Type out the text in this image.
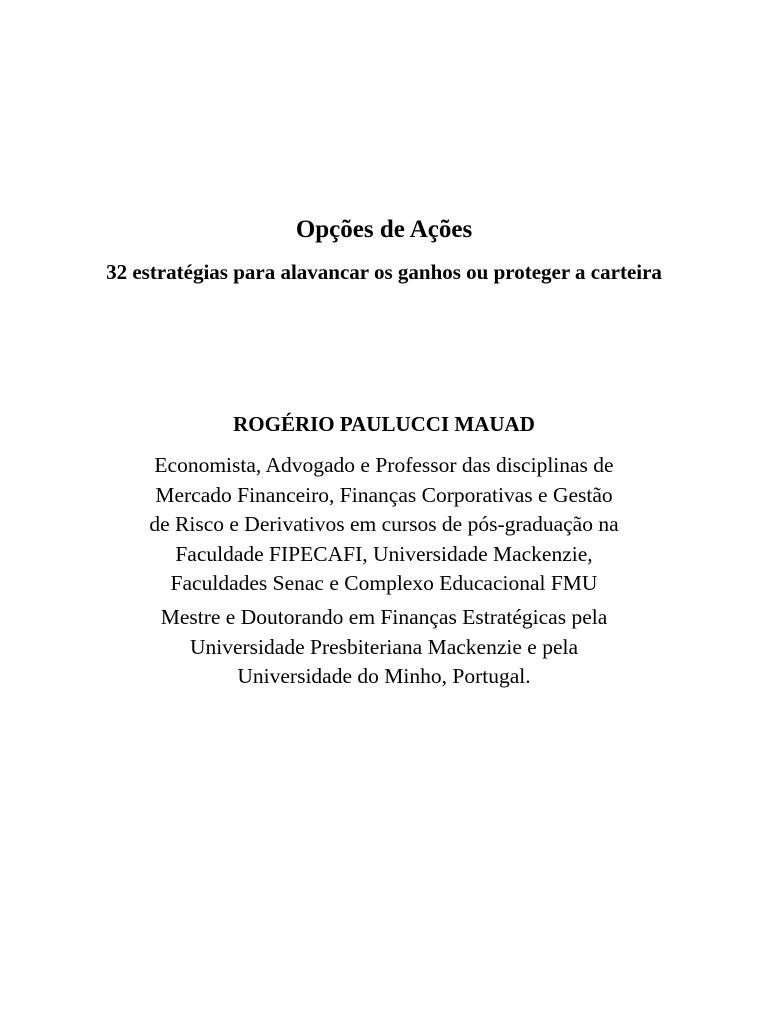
Opções de Ações
32 estratégias para alavancar os ganhos ou proteger a carteira
ROGÉRIO PAULUCCI MAUAD
Economista, Advogado e Professor das disciplinas de
Mercado Financeiro, Finanças Corporativas e Gestão
de Risco e Derivativos em cursos de pós-graduação na
Faculdade FIPECAFI, Universidade Mackenzie,
Faculdades Senac e Complexo Educacional FMU
Mestre e Doutorando em Finanças Estratégicas pela
Universidade Presbiteriana Mackenzie e pela
Universidade do Minho, Portugal.
